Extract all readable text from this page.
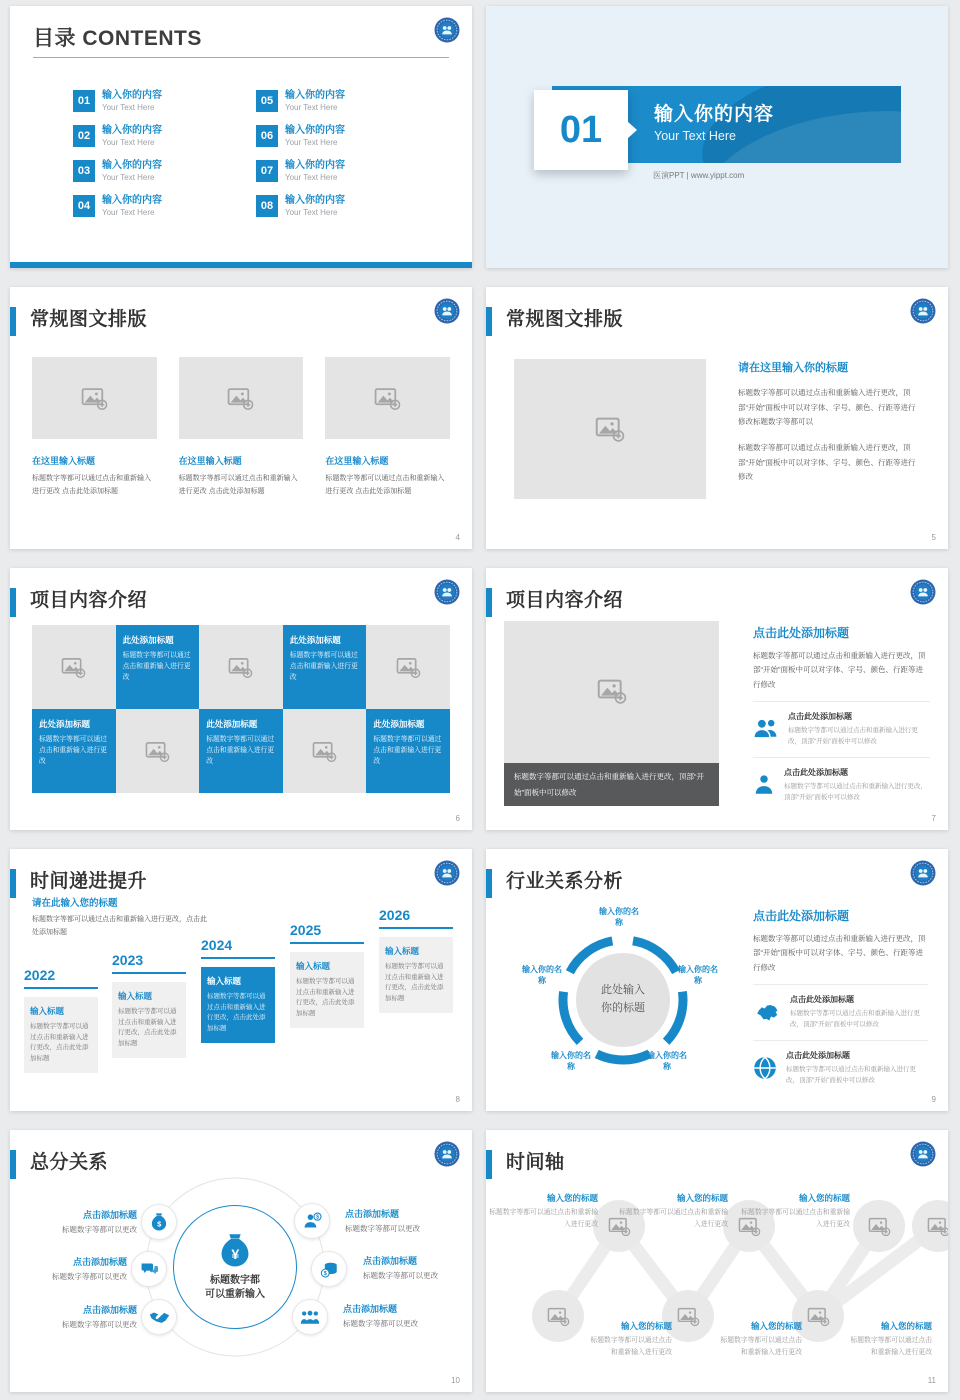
目录 CONTENTS
01	输入你的内容
Your Text Here
05	输入你的内容
Your Text Here
02	输入你的内容
Your Text Here
06	输入你的内容
Your Text Here
03	输入你的内容
Your Text Here
07	输入你的内容
Your Text Here
04	输入你的内容
Your Text Here
08	输入你的内容
Your Text Here
输入你的内容
Your Text Here
01
医演PPT | www.yippt.com
常规图文排版
在这里输入标题
标题数字等都可以通过点击和重新输入进行更改 点击此处添加标题
在这里输入标题
标题数字等都可以通过点击和重新输入进行更改 点击此处添加标题
在这里输入标题
标题数字等都可以通过点击和重新输入进行更改 点击此处添加标题
4
常规图文排版
请在这里输入你的标题

标题数字等都可以通过点击和重新输入进行更改，顶部“开始”面板中可以对字体、字号、颜色、行距等进行修改标题数字等都可以

标题数字等都可以通过点击和重新输入进行更改，顶部“开始”面板中可以对字体、字号、颜色、行距等进行修改

5
项目内容介绍
此处添加标题
标题数字等都可以通过点击和重新输入进行更改
此处添加标题
标题数字等都可以通过点击和重新输入进行更改
此处添加标题
标题数字等都可以通过点击和重新输入进行更改
此处添加标题
标题数字等都可以通过点击和重新输入进行更改
此处添加标题
标题数字等都可以通过点击和重新输入进行更改
6
项目内容介绍
标题数字等都可以通过点击和重新输入进行更改，顶部“开始”面板中可以修改
点击此处添加标题

标题数字等都可以通过点击和重新输入进行更改，顶部“开始”面板中可以对字体、字号、颜色、行距等进行修改

点击此处添加标题
标题数字等都可以通过点击和重新输入进行更改，顶部“开始”面板中可以修改
点击此处添加标题
标题数字等都可以通过点击和重新输入进行更改，顶部“开始”面板中可以修改
7
时间递进提升
请在此输入您的标题
标题数字等都可以通过点击和重新输入进行更改，点击此处添加标题
2022
输入标题
标题数字等都可以通过点击和重新输入进行更改，点击此处添加标题
2023
输入标题
标题数字等都可以通过点击和重新输入进行更改，点击此处添加标题
2024
输入标题
标题数字等都可以通过点击和重新输入进行更改，点击此处添加标题
2025
输入标题
标题数字等都可以通过点击和重新输入进行更改，点击此处添加标题
2026
输入标题
标题数字等都可以通过点击和重新输入进行更改，点击此处添加标题
8
行业关系分析
此处输入你的标题
输入你的名称
输入你的名称
输入你的名称
输入你的名称
输入你的名称
点击此处添加标题

标题数字等都可以通过点击和重新输入进行更改，顶部“开始”面板中可以对字体、字号、颜色、行距等进行修改

点击此处添加标题
标题数字等都可以通过点击和重新输入进行更改，顶部“开始”面板中可以修改
点击此处添加标题
标题数字等都可以通过点击和重新输入进行更改，顶部“开始”面板中可以修改
9
总分关系
标题数字都
可以重新输入
点击添加标题
标题数字等都可以更改
点击添加标题
标题数字等都可以更改
点击添加标题
标题数字等都可以更改
点击添加标题
标题数字等都可以更改
点击添加标题
标题数字等都可以更改
点击添加标题
标题数字等都可以更改
10
时间轴
输入您的标题
标题数字等都可以通过点击和重新输入进行更改
输入您的标题
标题数字等都可以通过点击和重新输入进行更改
输入您的标题
标题数字等都可以通过点击和重新输入进行更改
输入您的标题
标题数字等都可以通过点击和重新输入进行更改
输入您的标题
标题数字等都可以通过点击和重新输入进行更改
输入您的标题
标题数字等都可以通过点击和重新输入进行更改
11
